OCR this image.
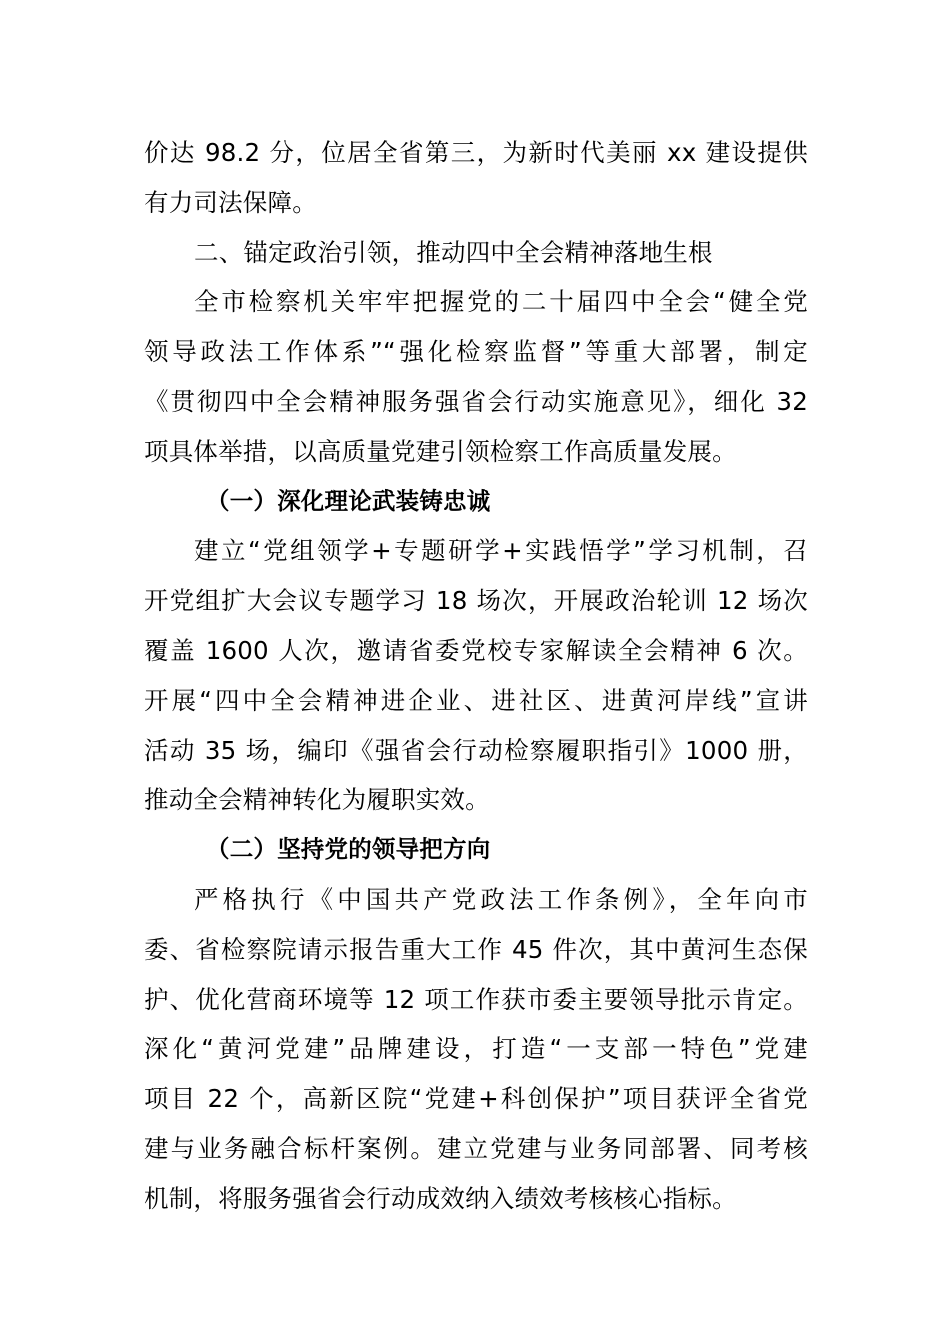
价达 98.2 分，位居全省第三，为新时代美丽 xx 建设提供
有力司法保障。
二、锚定政治引领，推动四中全会精神落地生根
全市检察机关牢牢把握党的二十届四中全会“健全党
领导政法工作体系”“强化检察监督”等重大部署，制定
《贯彻四中全会精神服务强省会行动实施意见》，细化 32
项具体举措，以高质量党建引领检察工作高质量发展。
（一）深化理论武装铸忠诚
建立“党组领学+专题研学+实践悟学”学习机制，召
开党组扩大会议专题学习 18 场次，开展政治轮训 12 场次
覆盖 1600 人次，邀请省委党校专家解读全会精神 6 次。
开展“四中全会精神进企业、进社区、进黄河岸线”宣讲
活动 35 场，编印《强省会行动检察履职指引》1000 册，
推动全会精神转化为履职实效。
（二）坚持党的领导把方向
严格执行《中国共产党政法工作条例》，全年向市
委、省检察院请示报告重大工作 45 件次，其中黄河生态保
护、优化营商环境等 12 项工作获市委主要领导批示肯定。
深化“黄河党建”品牌建设，打造“一支部一特色”党建
项目 22 个，高新区院“党建+科创保护”项目获评全省党
建与业务融合标杆案例。建立党建与业务同部署、同考核
机制，将服务强省会行动成效纳入绩效考核核心指标。
